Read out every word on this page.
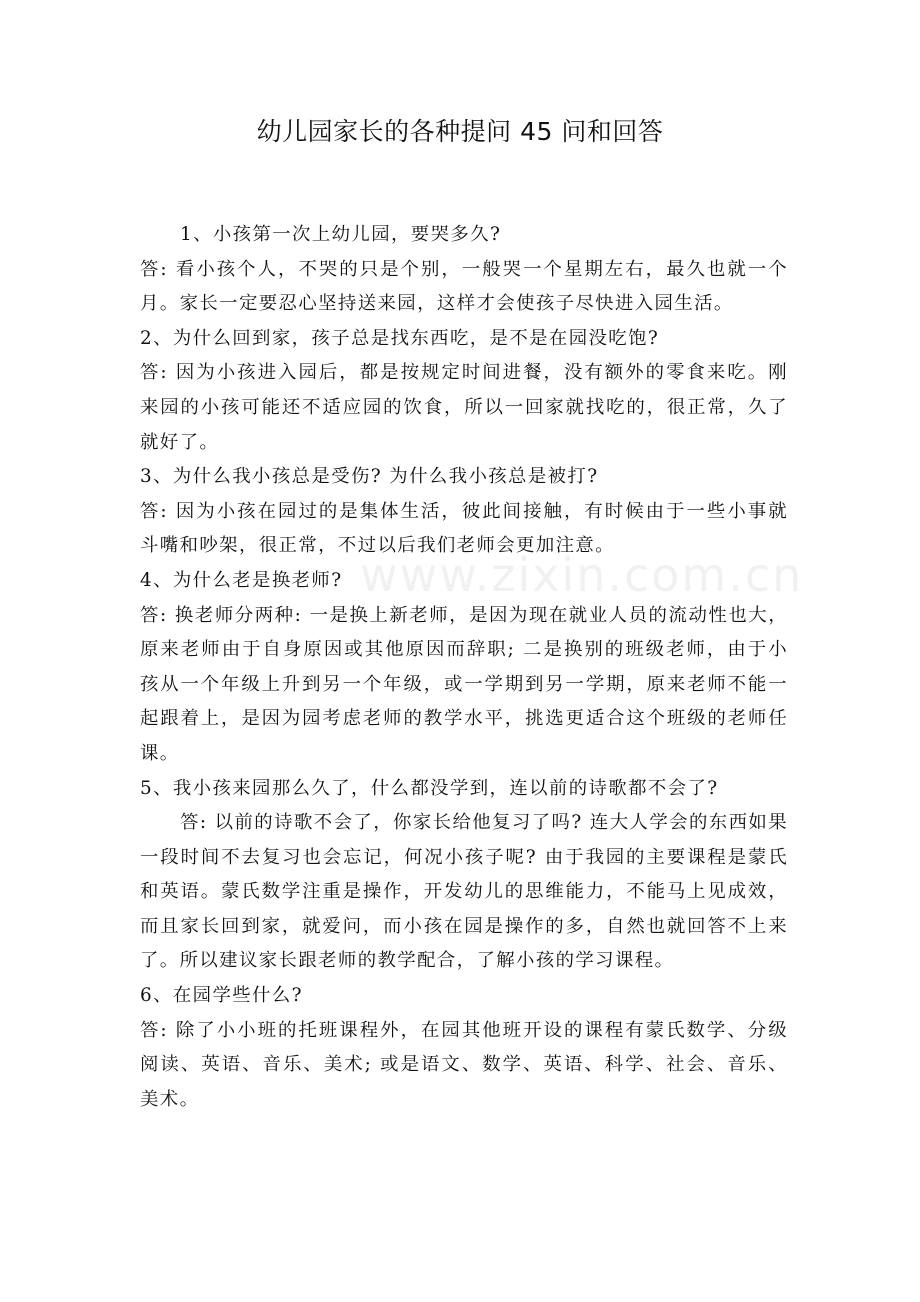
幼儿园家长的各种提问 45 问和回答
www.zixin.com.cn

1、小孩第一次上幼儿园，要哭多久?

答: 看小孩个人，不哭的只是个别，一般哭一个星期左右，最久也就一个月。家长一定要忍心坚持送来园，这样才会使孩子尽快进入园生活。

2、为什么回到家，孩子总是找东西吃，是不是在园没吃饱?

答: 因为小孩进入园后，都是按规定时间进餐，没有额外的零食来吃。刚来园的小孩可能还不适应园的饮食，所以一回家就找吃的，很正常，久了就好了。

3、为什么我小孩总是受伤? 为什么我小孩总是被打?

答: 因为小孩在园过的是集体生活，彼此间接触，有时候由于一些小事就斗嘴和吵架，很正常，不过以后我们老师会更加注意。

4、为什么老是换老师?

答: 换老师分两种: 一是换上新老师，是因为现在就业人员的流动性也大，原来老师由于自身原因或其他原因而辞职; 二是换别的班级老师，由于小孩从一个年级上升到另一个年级，或一学期到另一学期，原来老师不能一起跟着上，是因为园考虑老师的教学水平，挑选更适合这个班级的老师任课。

5、我小孩来园那么久了，什么都没学到，连以前的诗歌都不会了?

答: 以前的诗歌不会了，你家长给他复习了吗? 连大人学会的东西如果一段时间不去复习也会忘记，何况小孩子呢? 由于我园的主要课程是蒙氏和英语。蒙氏数学注重是操作，开发幼儿的思维能力，不能马上见成效，而且家长回到家，就爱问，而小孩在园是操作的多，自然也就回答不上来了。所以建议家长跟老师的教学配合，了解小孩的学习课程。

6、在园学些什么?

答: 除了小小班的托班课程外，在园其他班开设的课程有蒙氏数学、分级阅读、英语、音乐、美术; 或是语文、数学、英语、科学、社会、音乐、美术。
